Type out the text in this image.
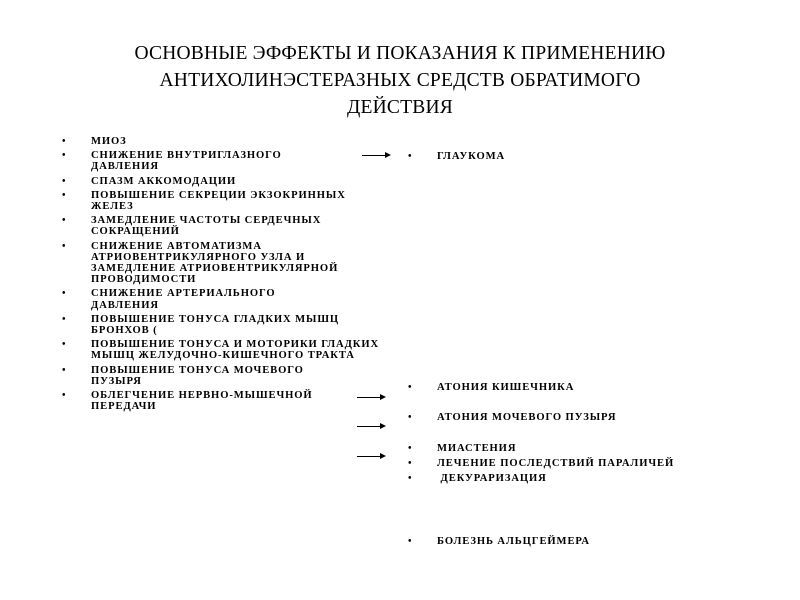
ОСНОВНЫЕ ЭФФЕКТЫ И ПОКАЗАНИЯ К ПРИМЕНЕНИЮ
АНТИХОЛИНЭСТЕРАЗНЫХ СРЕДСТВ ОБРАТИМОГО
ДЕЙСТВИЯ
• МИОЗ
• СНИЖЕНИЕ ВНУТРИГЛАЗНОГО ДАВЛЕНИЯ
• СПАЗМ АККОМОДАЦИИ
• ПОВЫШЕНИЕ СЕКРЕЦИИ ЭКЗОКРИННЫХ ЖЕЛЕЗ
• ЗАМЕДЛЕНИЕ ЧАСТОТЫ СЕРДЕЧНЫХ СОКРАЩЕНИЙ
• СНИЖЕНИЕ АВТОМАТИЗМА АТРИОВЕНТРИКУЛЯРНОГО УЗЛА И ЗАМЕДЛЕНИЕ АТРИОВЕНТРИКУЛЯРНОЙ ПРОВОДИМОСТИ
• СНИЖЕНИЕ АРТЕРИАЛЬНОГО ДАВЛЕНИЯ
• ПОВЫШЕНИЕ ТОНУСА ГЛАДКИХ МЫШЦ БРОНХОВ (
• ПОВЫШЕНИЕ ТОНУСА И МОТОРИКИ ГЛАДКИХ МЫШЦ ЖЕЛУДОЧНО-КИШЕЧНОГО ТРАКТА
• ПОВЫШЕНИЕ ТОНУСА МОЧЕВОГО ПУЗЫРЯ
• ОБЛЕГЧЕНИЕ НЕРВНО-МЫШЕЧНОЙ ПЕРЕДАЧИ
• ГЛАУКОМА
• АТОНИЯ КИШЕЧНИКА
• АТОНИЯ МОЧЕВОГО ПУЗЫРЯ
• МИАСТЕНИЯ
• ЛЕЧЕНИЕ ПОСЛЕДСТВИЙ ПАРАЛИЧЕЙ
• ДЕКУРАРИЗАЦИЯ
• БОЛЕЗНЬ АЛЬЦГЕЙМЕРА
